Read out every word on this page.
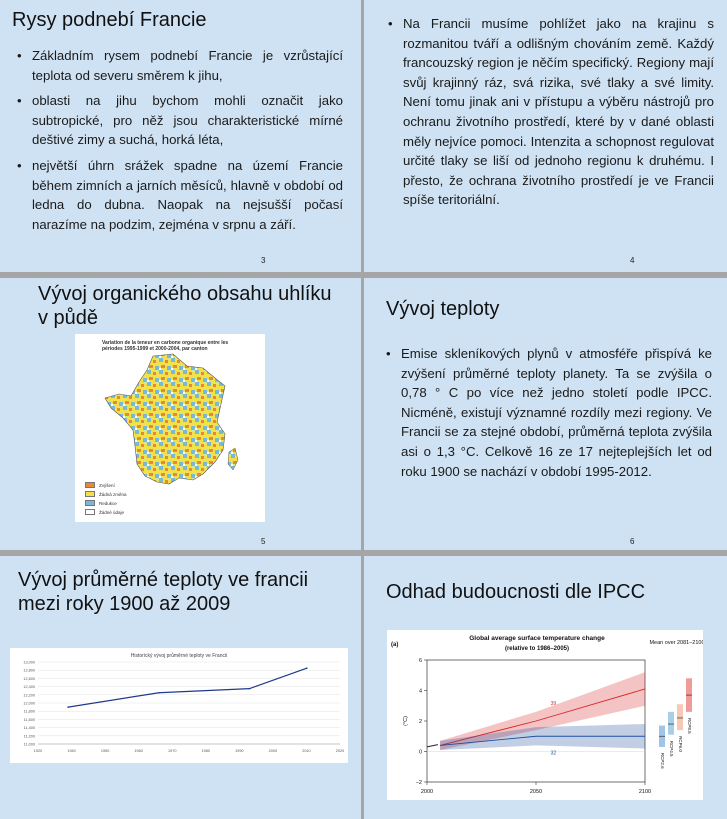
Rysy podnebí Francie
• Základním rysem podnebí Francie je vzrůstající teplota od severu směrem k jihu,
• oblasti na jihu bychom mohli označit jako subtropické, pro něž jsou charakteristické mírné deštivé zimy a suchá, horká léta,
• největší úhrn srážek spadne na území Francie během zimních a jarních měsíců, hlavně v období od ledna do dubna. Naopak na nejsušší počasí narazíme na podzim, zejména v srpnu a září.
3
• Na Francii musíme pohlížet jako na krajinu s rozmanitou tváří a odlišným chováním země. Každý francouzský region je něčím specifický. Regiony mají svůj krajinný ráz, svá rizika, své tlaky a své limity. Není tomu jinak ani v přístupu a výběru nástrojů pro ochranu životního prostředí, které by v dané oblasti měly nejvíce pomoci. Intenzita a schopnost regulovat určité tlaky se liší od jednoho regionu k druhému. I přesto, že ochrana životního prostředí je ve Francii spíše teritoriální.
4
Vývoj organického obsahu uhlíku v půdě
Variation de la teneur en carbone organique entre les périodes 1995-1999 et 2000-2004, par canton
Zvýšení
Žádná změna
Redukce
Žádné údaje
5
Vývoj teploty
• Emise skleníkových plynů v atmosféře přispívá ke zvýšení průměrné teploty planety. Ta se zvýšila o 0,78 ° C po více než jedno století podle IPCC. Nicméně, existují významné rozdíly mezi regiony. Ve Francii se za stejné období, průměrná teplota zvýšila asi o 1,3 °C. Celkově 16 ze 17 nejteplejších let od roku 1900 se nachází v období 1995-2012.
6
Vývoj průměrné teploty ve francii mezi roky 1900 až 2009
Historický vývoj průměrné teploty ve Francii
11,000
11,200
11,400
11,600
11,800
12,000
12,200
12,400
12,600
12,800
13,000
1920	1940	1950	1960	1970	1980	1990	2000	2010	2020
Odhad budoucnosti dle IPCC
(a)
Global average surface temperature change
(relative to 1986–2005)
−2
0
2
4
6
(°C)
2000	2050	2100
39
32
Mean over 2081–2100
RCP2.6
RCP4.5 RCP6.0
RCP8.5
